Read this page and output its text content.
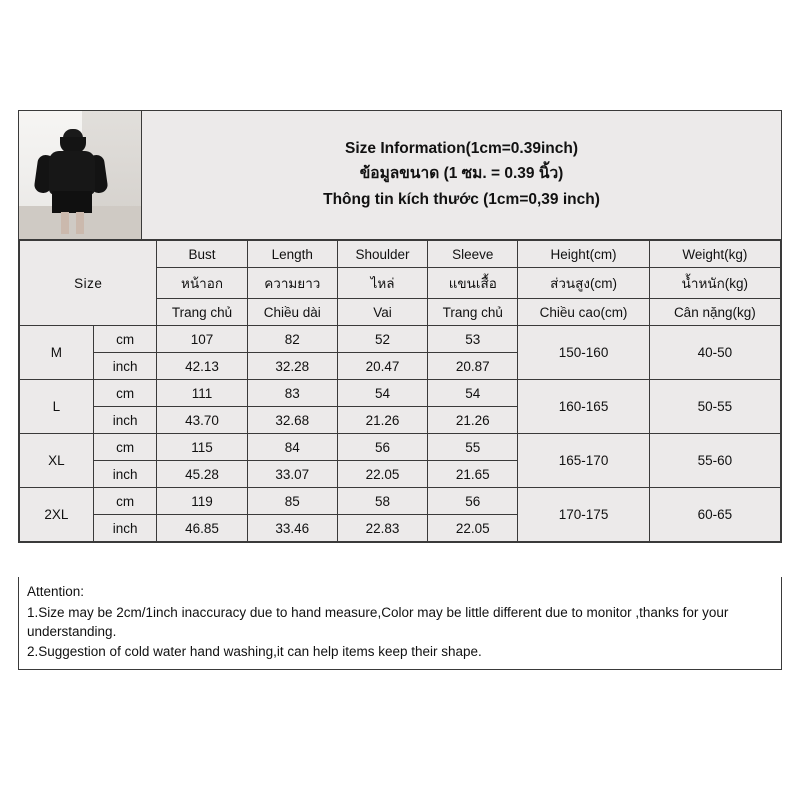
Size Information(1cm=0.39inch)
ข้อมูลขนาด (1 ซม. = 0.39 นิ้ว)
Thông tin kích thước (1cm=0,39 inch)
Size		Bust	Length	Shoulder	Sleeve	Height(cm)	Weight(kg)
		หน้าอก	ความยาว	ไหล่	แขนเสื้อ	ส่วนสูง(cm)	น้ำหนัก(kg)
		Trang chủ	Chiều dài	Vai	Trang chủ	Chiều cao(cm)	Cân nặng(kg)
M	cm	107	82	52	53	150-160	40-50
	inch	42.13	32.28	20.47	20.87		
L	cm	111	83	54	54	160-165	50-55
	inch	43.70	32.68	21.26	21.26		
XL	cm	115	84	56	55	165-170	55-60
	inch	45.28	33.07	22.05	21.65		
2XL	cm	119	85	58	56	170-175	60-65
	inch	46.85	33.46	22.83	22.05		

Attention:

1.Size may be 2cm/1inch inaccuracy due to hand measure,Color may be little different due to monitor ,thanks for your understanding.

2.Suggestion of cold water hand washing,it can help items keep their shape.
